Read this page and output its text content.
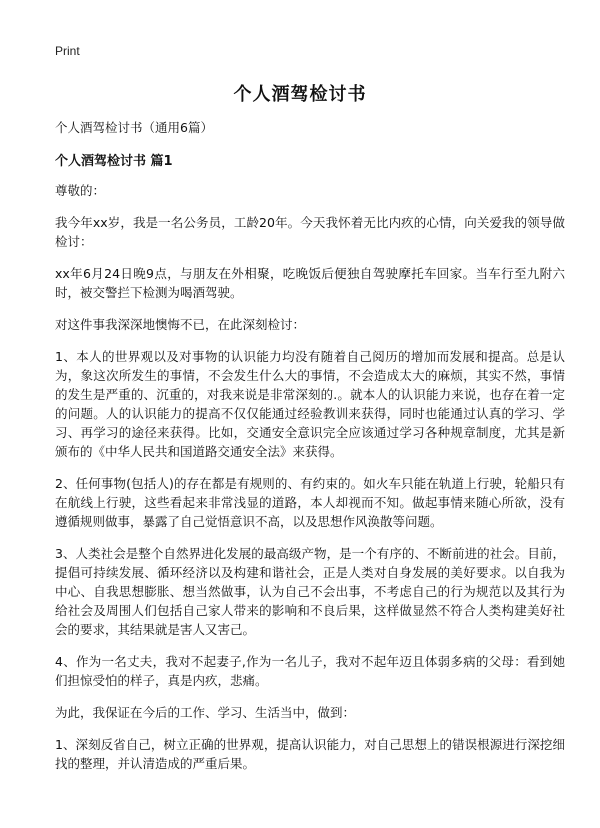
Print
个人酒驾检讨书

个人酒驾检讨书（通用6篇）

个人酒驾检讨书 篇1

尊敬的：

我今年xx岁，我是一名公务员，工龄20年。今天我怀着无比内疚的心情，向关爱我的领导做检讨：

xx年6月24日晚9点，与朋友在外相聚，吃晚饭后便独自驾驶摩托车回家。当车行至九附六时，被交警拦下检测为喝酒驾驶。

对这件事我深深地懊悔不已，在此深刻检讨：

1、本人的世界观以及对事物的认识能力均没有随着自己阅历的增加而发展和提高。总是认为，象这次所发生的事情，不会发生什么大的事情，不会造成太大的麻烦，其实不然，事情的发生是严重的、沉重的，对我来说是非常深刻的.。就本人的认识能力来说，也存在着一定的问题。人的认识能力的提高不仅仅能通过经验教训来获得，同时也能通过认真的学习、学习、再学习的途径来获得。比如，交通安全意识完全应该通过学习各种规章制度，尤其是新颁布的《中华人民共和国道路交通安全法》来获得。

2、任何事物(包括人)的存在都是有规则的、有约束的。如火车只能在轨道上行驶，轮船只有在航线上行驶，这些看起来非常浅显的道路，本人却视而不知。做起事情来随心所欲，没有遵循规则做事，暴露了自己觉悟意识不高，以及思想作风涣散等问题。

3、人类社会是整个自然界进化发展的最高级产物，是一个有序的、不断前进的社会。目前，提倡可持续发展、循环经济以及构建和谐社会，正是人类对自身发展的美好要求。以自我为中心、自我思想膨胀、想当然做事，认为自己不会出事，不考虑自己的行为规范以及其行为给社会及周围人们包括自己家人带来的影响和不良后果，这样做显然不符合人类构建美好社会的要求，其结果就是害人又害己。

4、作为一名丈夫，我对不起妻子,作为一名儿子，我对不起年迈且体弱多病的父母：看到她们担惊受怕的样子，真是内疚，悲痛。

为此，我保证在今后的工作、学习、生活当中，做到：

1、深刻反省自己，树立正确的世界观，提高认识能力，对自己思想上的错误根源进行深挖细找的整理，并认清造成的严重后果。
